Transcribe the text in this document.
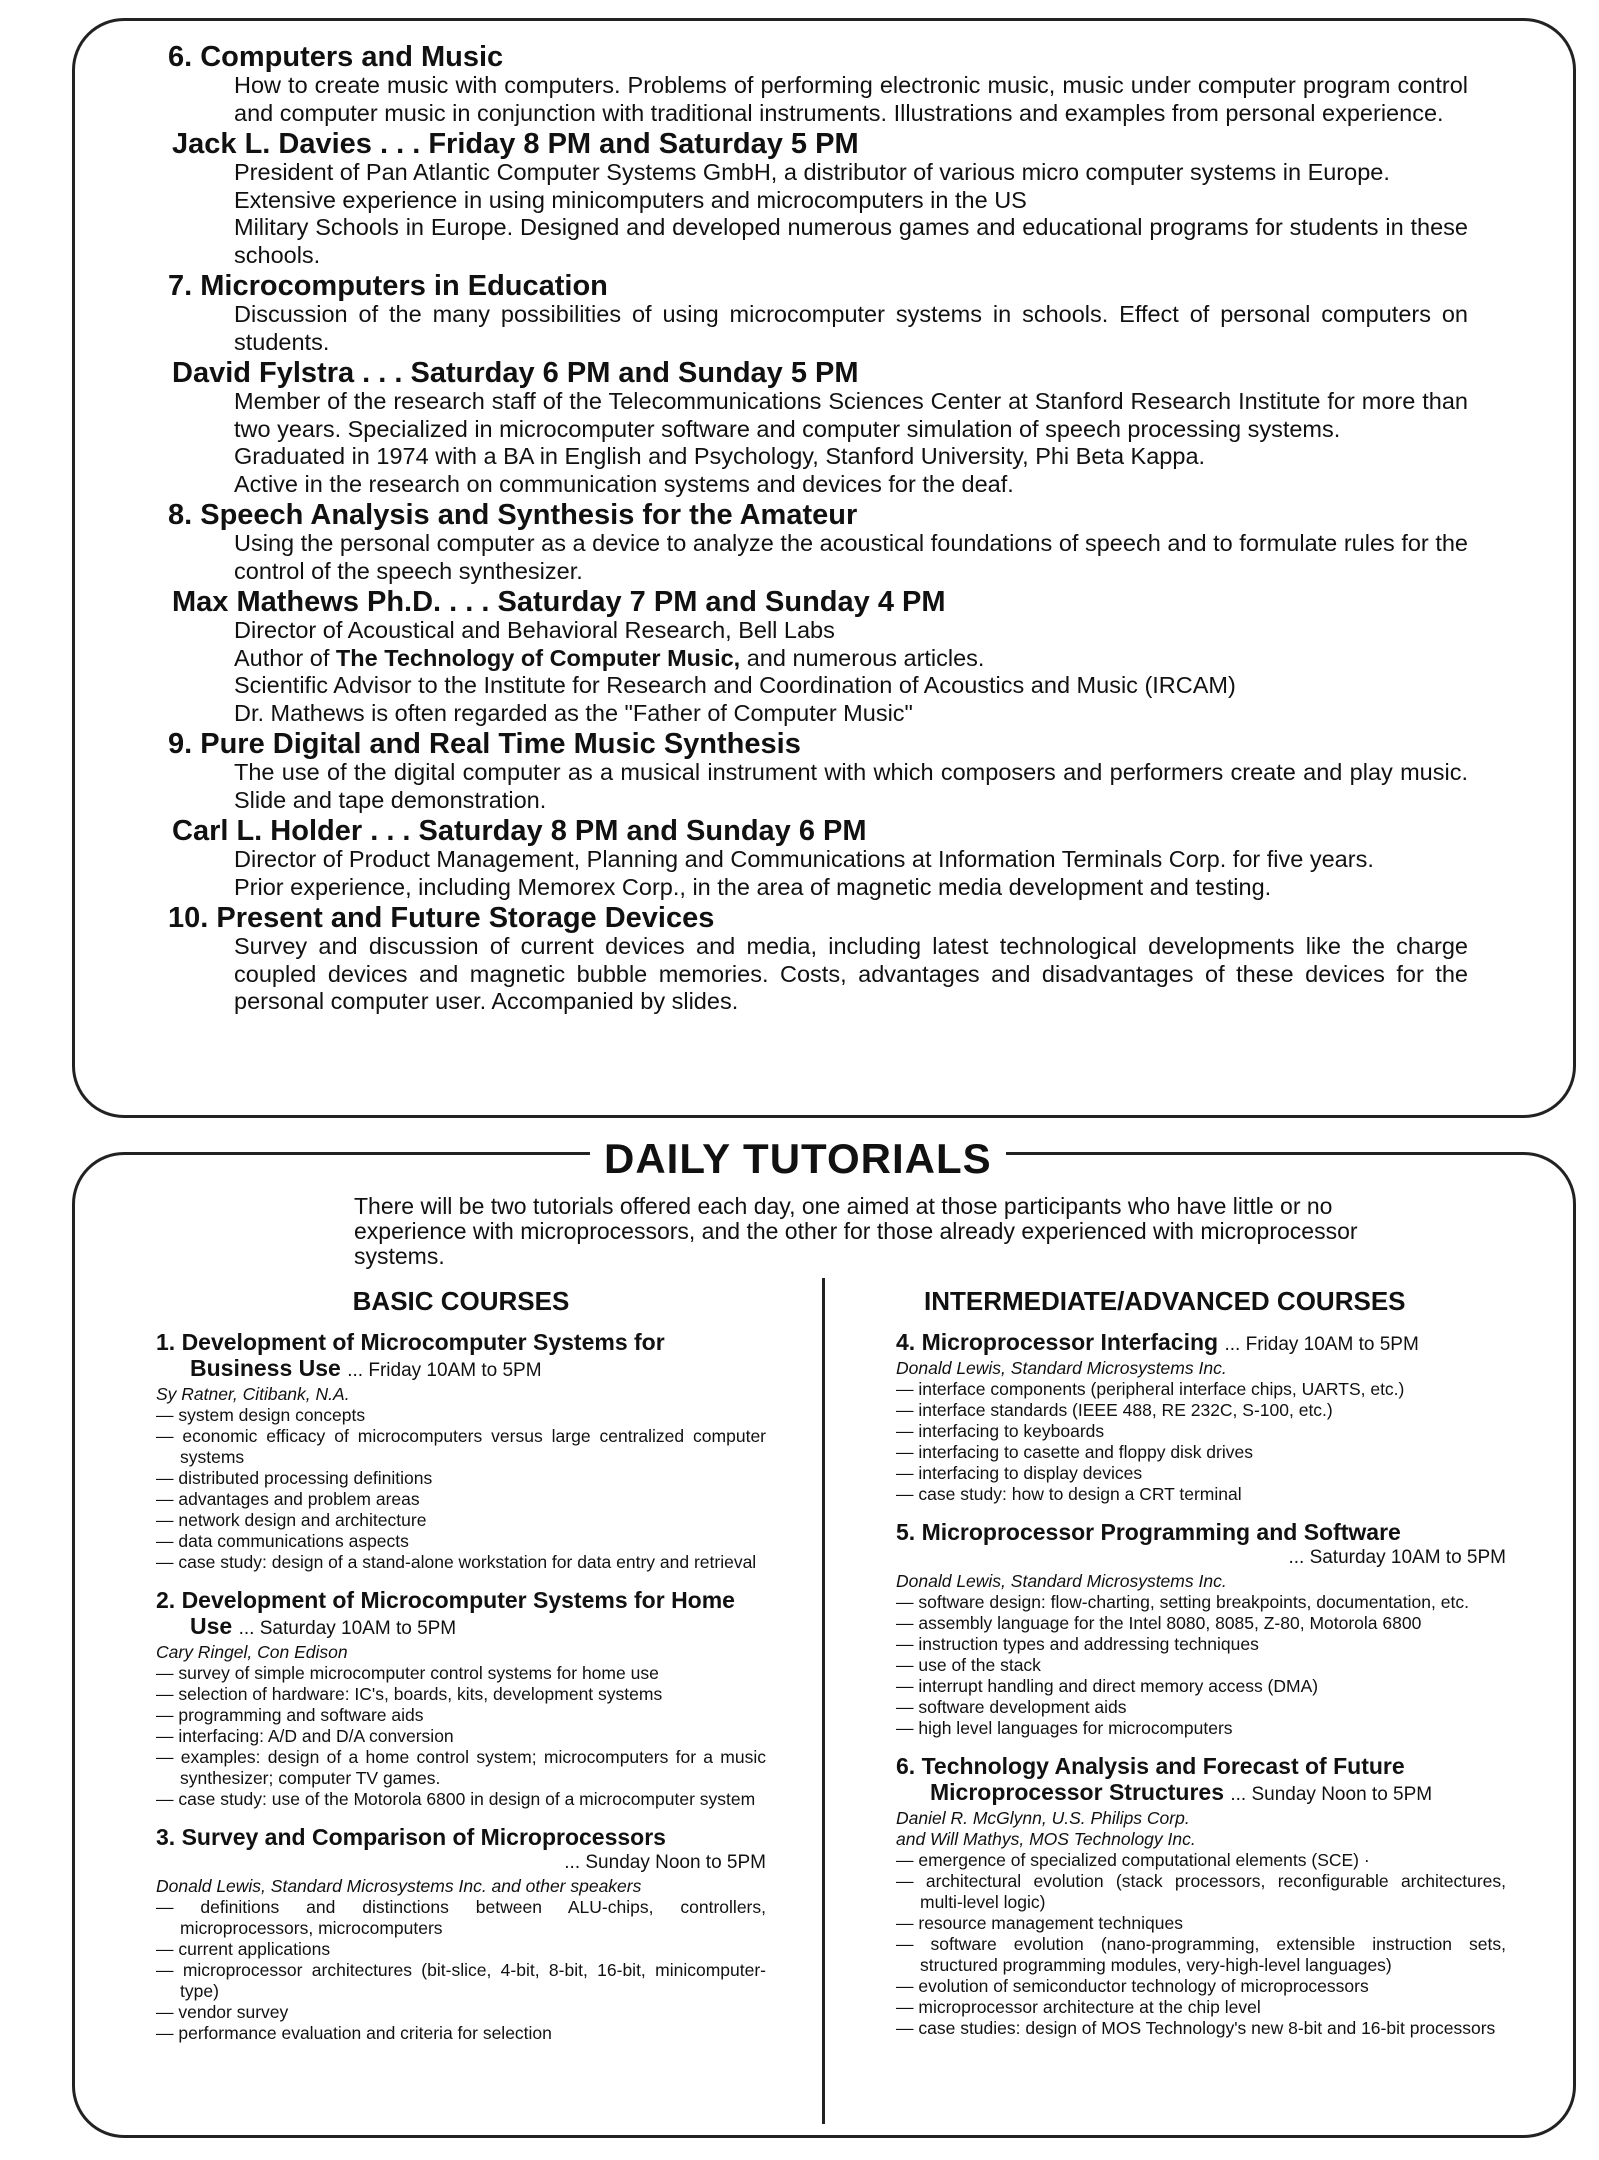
6. Computers and Music
How to create music with computers. Problems of performing electronic music, music under computer program control and computer music in conjunction with traditional instruments. Illustrations and examples from personal experience.
Jack L. Davies . . . Friday 8 PM and Saturday 5 PM
President of Pan Atlantic Computer Systems GmbH, a distributor of various micro computer systems in Europe.
Extensive experience in using minicomputers and microcomputers in the US
Military Schools in Europe. Designed and developed numerous games and educational programs for students in these schools.
7. Microcomputers in Education
Discussion of the many possibilities of using microcomputer systems in schools. Effect of personal computers on students.
David Fylstra . . . Saturday 6 PM and Sunday 5 PM
Member of the research staff of the Telecommunications Sciences Center at Stanford Research Institute for more than two years. Specialized in microcomputer software and computer simulation of speech processing systems.
Graduated in 1974 with a BA in English and Psychology, Stanford University, Phi Beta Kappa.
Active in the research on communication systems and devices for the deaf.
8. Speech Analysis and Synthesis for the Amateur
Using the personal computer as a device to analyze the acoustical foundations of speech and to formulate rules for the control of the speech synthesizer.
Max Mathews Ph.D. . . . Saturday 7 PM and Sunday 4 PM
Director of Acoustical and Behavioral Research, Bell Labs
Author of The Technology of Computer Music, and numerous articles.
Scientific Advisor to the Institute for Research and Coordination of Acoustics and Music (IRCAM)
Dr. Mathews is often regarded as the "Father of Computer Music"
9. Pure Digital and Real Time Music Synthesis
The use of the digital computer as a musical instrument with which composers and performers create and play music. Slide and tape demonstration.
Carl L. Holder . . . Saturday 8 PM and Sunday 6 PM
Director of Product Management, Planning and Communications at Information Terminals Corp. for five years.
Prior experience, including Memorex Corp., in the area of magnetic media development and testing.
10. Present and Future Storage Devices
Survey and discussion of current devices and media, including latest technological developments like the charge coupled devices and magnetic bubble memories. Costs, advantages and disadvantages of these devices for the personal computer user. Accompanied by slides.
DAILY TUTORIALS
There will be two tutorials offered each day, one aimed at those participants who have little or no experience with microprocessors, and the other for those already experienced with microprocessor systems.
BASIC COURSES
1. Development of Microcomputer Systems for Business Use ... Friday 10AM to 5PM
Sy Ratner, Citibank, N.A.
— system design concepts
— economic efficacy of microcomputers versus large centralized computer systems
— distributed processing definitions
— advantages and problem areas
— network design and architecture
— data communications aspects
— case study: design of a stand-alone workstation for data entry and retrieval
2. Development of Microcomputer Systems for Home Use ... Saturday 10AM to 5PM
Cary Ringel, Con Edison
— survey of simple microcomputer control systems for home use
— selection of hardware: IC's, boards, kits, development systems
— programming and software aids
— interfacing: A/D and D/A conversion
— examples: design of a home control system; microcomputers for a music synthesizer; computer TV games.
— case study: use of the Motorola 6800 in design of a microcomputer system
3. Survey and Comparison of Microprocessors
... Sunday Noon to 5PM
Donald Lewis, Standard Microsystems Inc. and other speakers
— definitions and distinctions between ALU-chips, controllers, microprocessors, microcomputers
— current applications
— microprocessor architectures (bit-slice, 4-bit, 8-bit, 16-bit, minicomputer-type)
— vendor survey
— performance evaluation and criteria for selection
INTERMEDIATE/ADVANCED COURSES
4. Microprocessor Interfacing ... Friday 10AM to 5PM
Donald Lewis, Standard Microsystems Inc.
— interface components (peripheral interface chips, UARTS, etc.)
— interface standards (IEEE 488, RE 232C, S-100, etc.)
— interfacing to keyboards
— interfacing to casette and floppy disk drives
— interfacing to display devices
— case study: how to design a CRT terminal
5. Microprocessor Programming and Software
... Saturday 10AM to 5PM
Donald Lewis, Standard Microsystems Inc.
— software design: flow-charting, setting breakpoints, documentation, etc.
— assembly language for the Intel 8080, 8085, Z-80, Motorola 6800
— instruction types and addressing techniques
— use of the stack
— interrupt handling and direct memory access (DMA)
— software development aids
— high level languages for microcomputers
6. Technology Analysis and Forecast of Future Microprocessor Structures ... Sunday Noon to 5PM
Daniel R. McGlynn, U.S. Philips Corp.
and Will Mathys, MOS Technology Inc.
— emergence of specialized computational elements (SCE) ·
— architectural evolution (stack processors, reconfigurable architectures, multi-level logic)
— resource management techniques
— software evolution (nano-programming, extensible instruction sets, structured programming modules, very-high-level languages)
— evolution of semiconductor technology of microprocessors
— microprocessor architecture at the chip level
— case studies: design of MOS Technology's new 8-bit and 16-bit processors
